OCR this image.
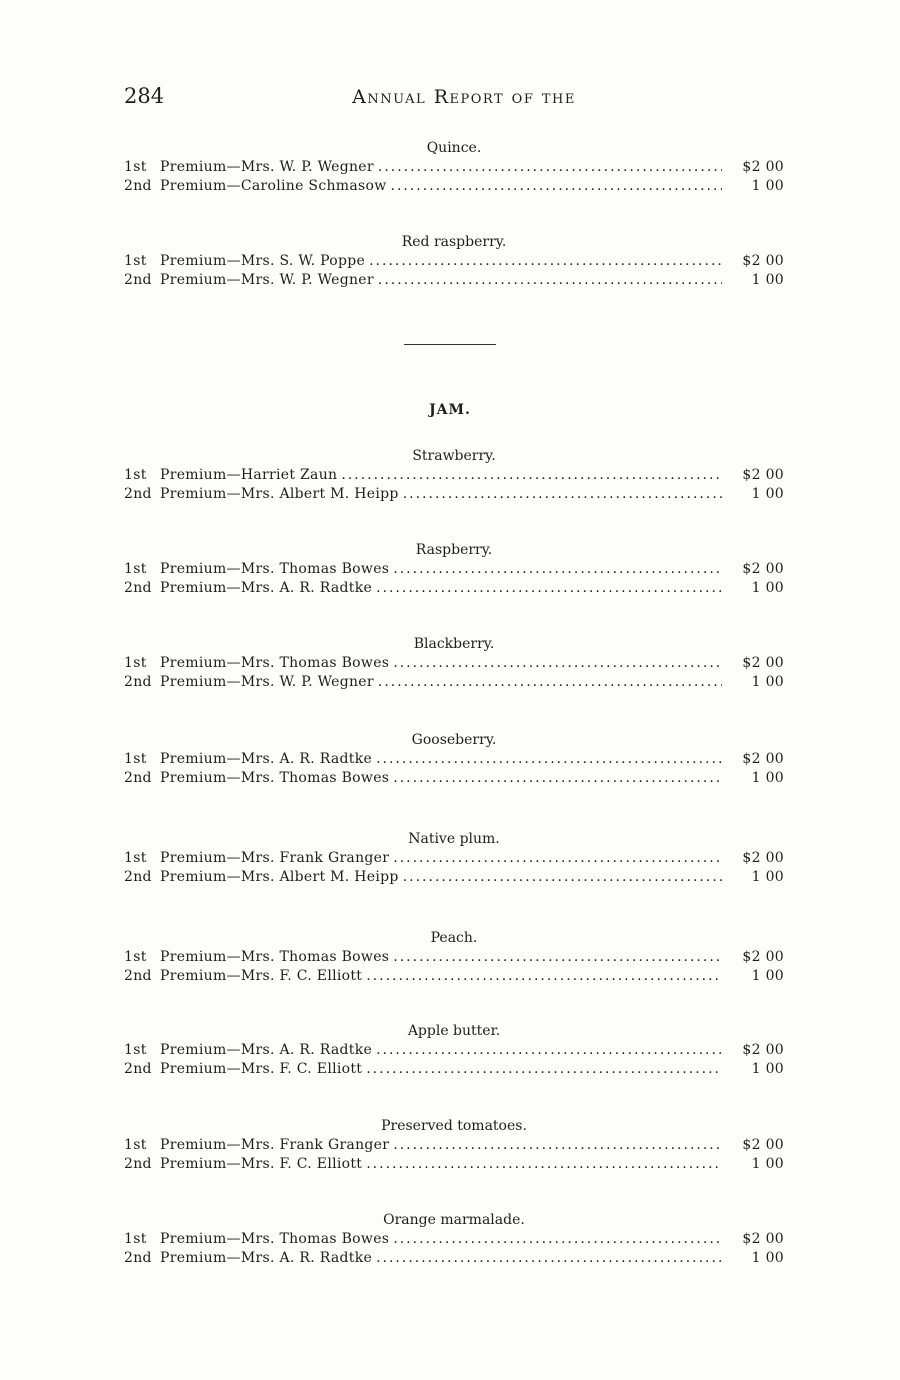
284	Annual Report of the
Quince.
1st Premium—Mrs. W. P. Wegner .....	$2 00
2nd Premium—Caroline Schmasow .....	1 00
Red raspberry.
1st Premium—Mrs. S. W. Poppe .....	$2 00
2nd Premium—Mrs. W. P. Wegner .....	1 00
JAM.
Strawberry.
1st Premium—Harriet Zaun .....	$2 00
2nd Premium—Mrs. Albert M. Heipp .....	1 00
Raspberry.
1st Premium—Mrs. Thomas Bowes .....	$2 00
2nd Premium—Mrs. A. R. Radtke .....	1 00
Blackberry.
1st Premium—Mrs. Thomas Bowes .....	$2 00
2nd Premium—Mrs. W. P. Wegner .....	1 00
Gooseberry.
1st Premium—Mrs. A. R. Radtke .....	$2 00
2nd Premium—Mrs. Thomas Bowes .....	1 00
Native plum.
1st Premium—Mrs. Frank Granger .....	$2 00
2nd Premium—Mrs. Albert M. Heipp .....	1 00
Peach.
1st Premium—Mrs. Thomas Bowes .....	$2 00
2nd Premium—Mrs. F. C. Elliott .....	1 00
Apple butter.
1st Premium—Mrs. A. R. Radtke .....	$2 00
2nd Premium—Mrs. F. C. Elliott .....	1 00
Preserved tomatoes.
1st Premium—Mrs. Frank Granger .....	$2 00
2nd Premium—Mrs. F. C. Elliott .....	1 00
Orange marmalade.
1st Premium—Mrs. Thomas Bowes .....	$2 00
2nd Premium—Mrs. A. R. Radtke .....	1 00
